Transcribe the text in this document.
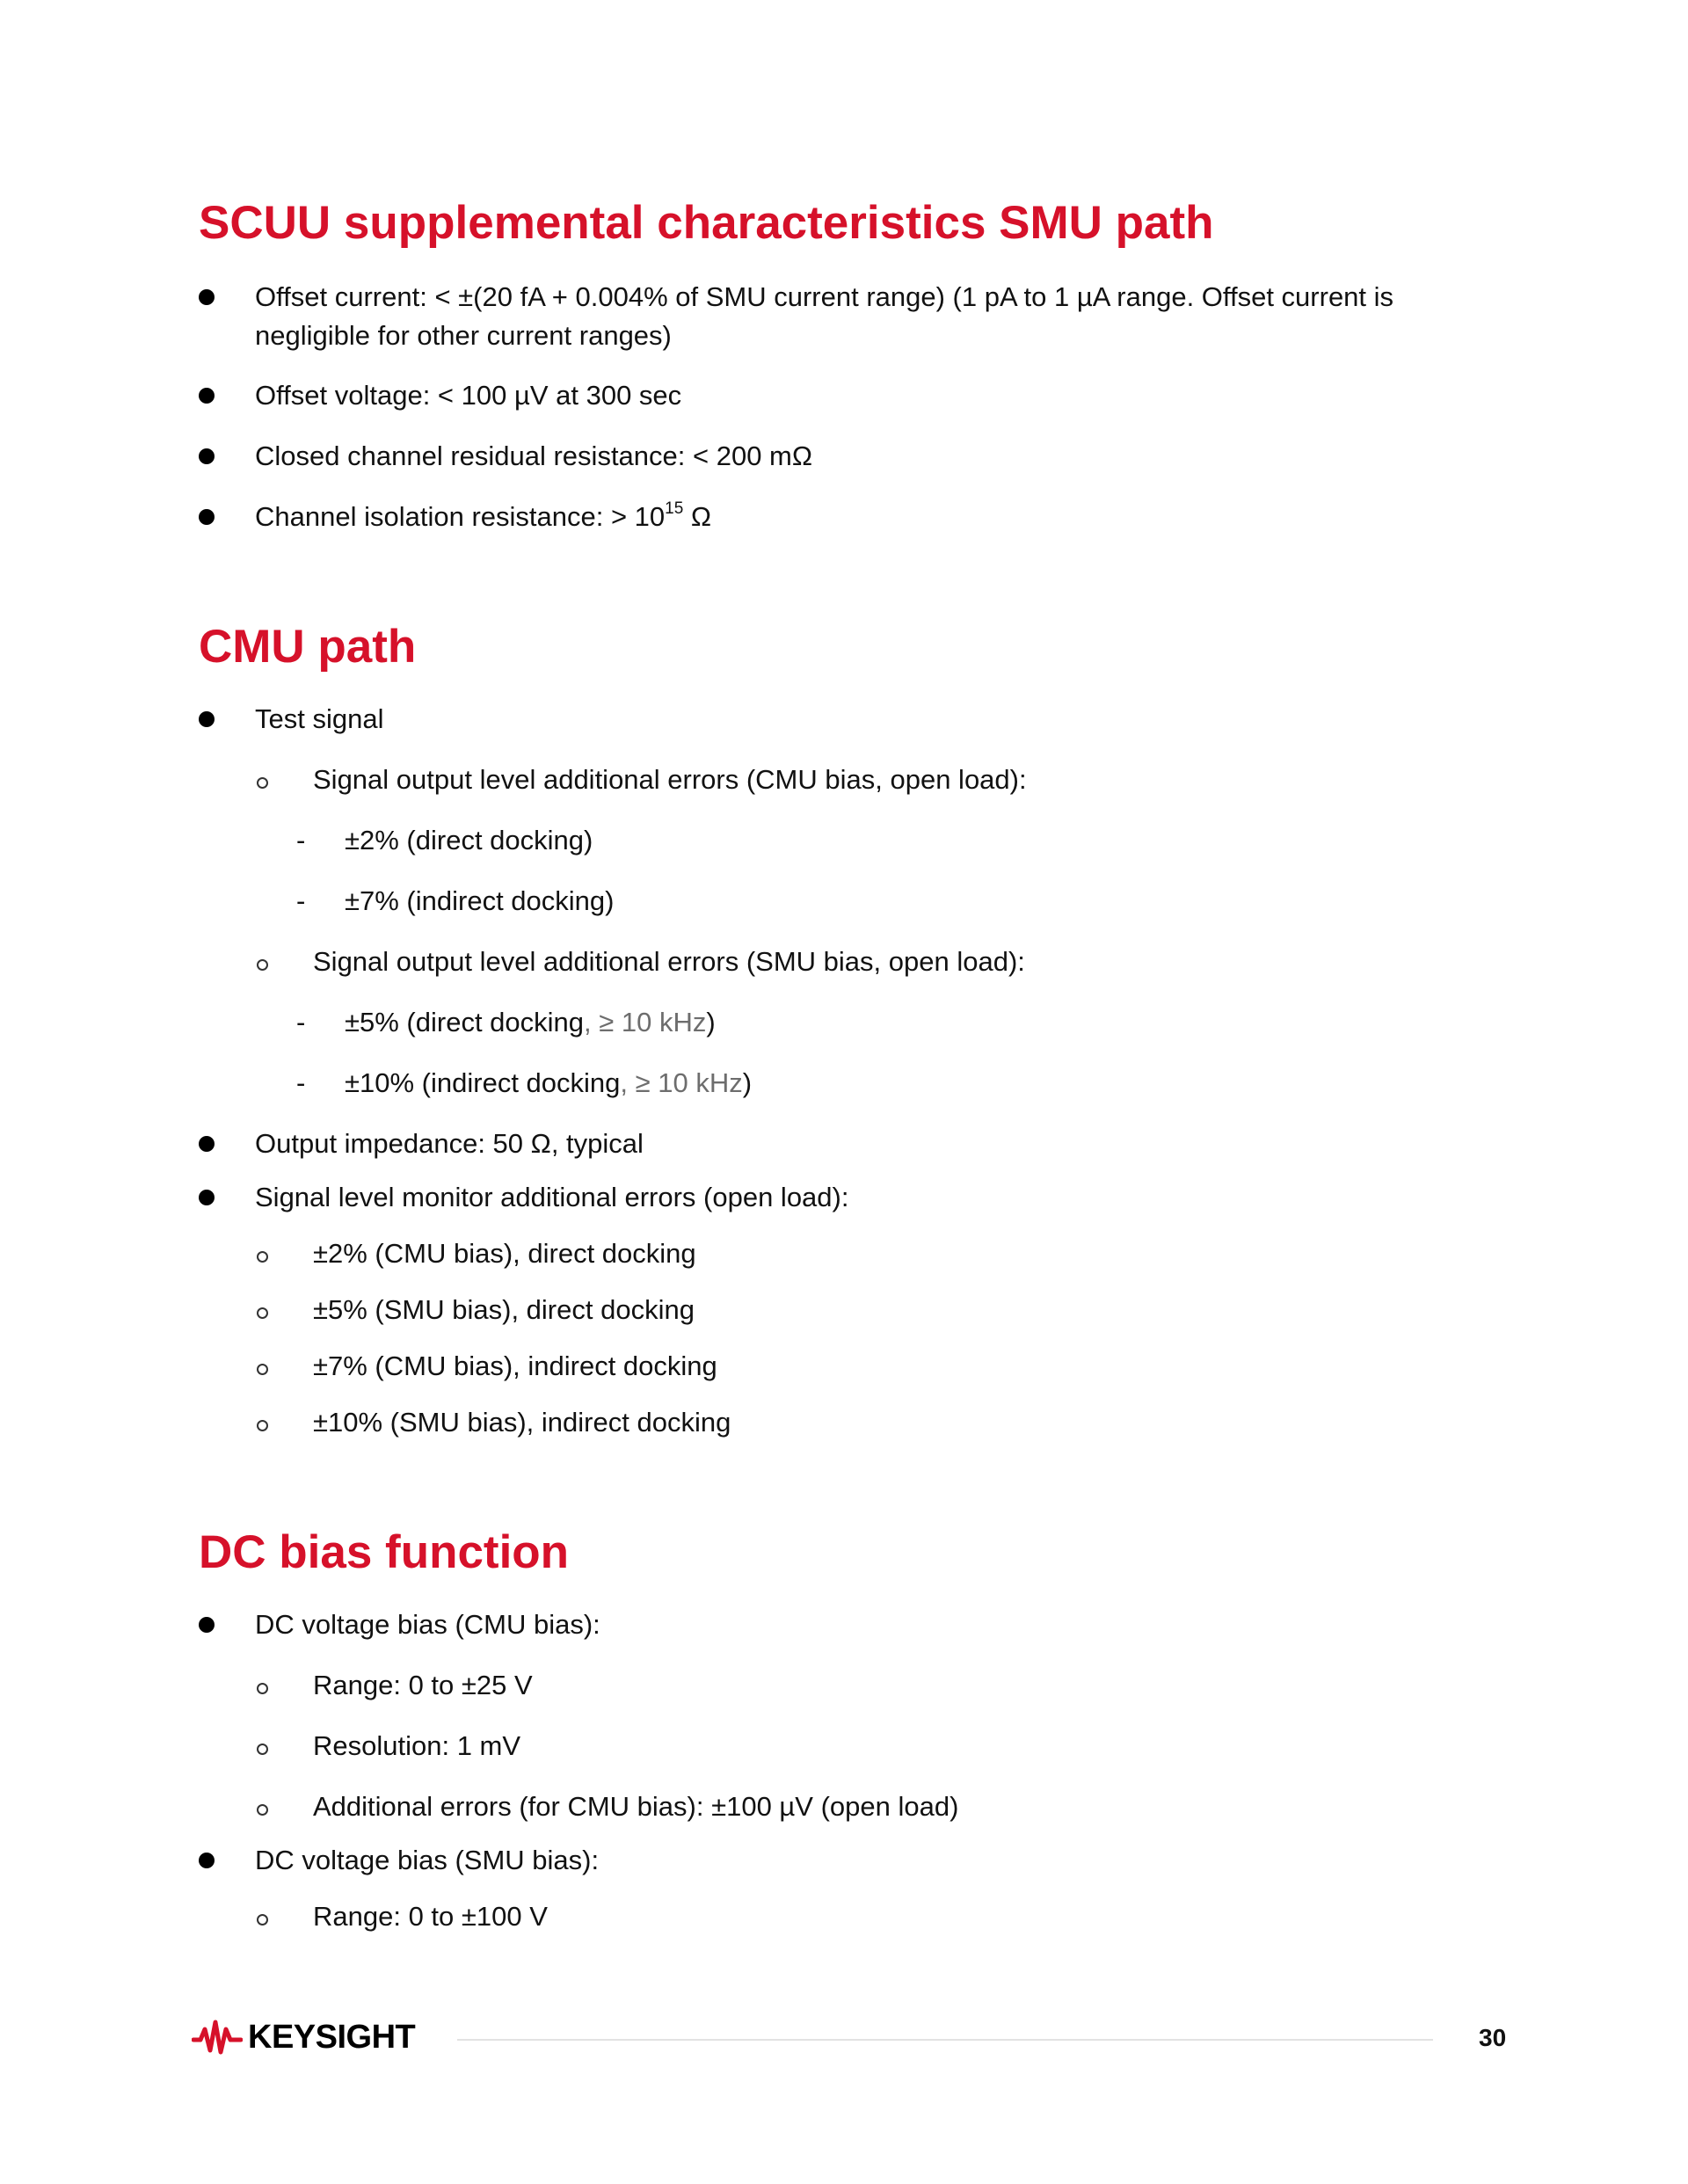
SCUU supplemental characteristics SMU path
Offset current: < ±(20 fA + 0.004% of SMU current range) (1 pA to 1 µA range. Offset current is negligible for other current ranges)
Offset voltage: < 100 µV at 300 sec
Closed channel residual resistance: < 200 mΩ
Channel isolation resistance: > $10^{15}$ Ω
CMU path
Test signal
Signal output level additional errors (CMU bias, open load):
- ±2% (direct docking)
- ±7% (indirect docking)
Signal output level additional errors (SMU bias, open load):
- ±5% (direct docking, ≥ 10 kHz)
- ±10% (indirect docking, ≥ 10 kHz)
Output impedance: 50 Ω, typical
Signal level monitor additional errors (open load):
±2% (CMU bias), direct docking
±5% (SMU bias), direct docking
±7% (CMU bias), indirect docking
±10% (SMU bias), indirect docking
DC bias function
DC voltage bias (CMU bias):
Range: 0 to ±25 V
Resolution: 1 mV
Additional errors (for CMU bias): ±100 µV (open load)
DC voltage bias (SMU bias):
Range: 0 to ±100 V
KEYSIGHT	30
